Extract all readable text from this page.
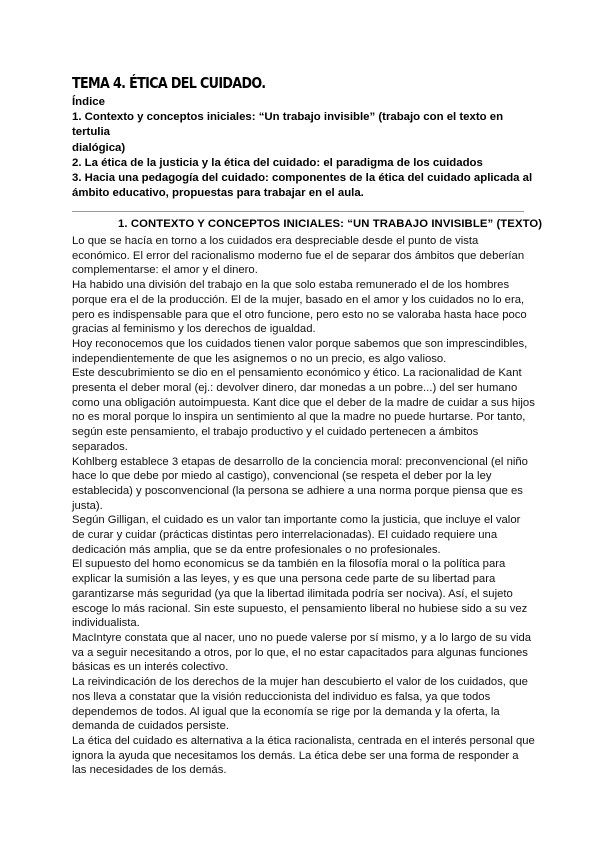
TEMA 4. ÉTICA DEL CUIDADO.
Índice
1. Contexto y conceptos iniciales: “Un trabajo invisible” (trabajo con el texto en
tertulia
dialógica)
2. La ética de la justicia y la ética del cuidado: el paradigma de los cuidados
3. Hacia una pedagogía del cuidado: componentes de la ética del cuidado aplicada al
ámbito educativo, propuestas para trabajar en el aula.
1. CONTEXTO Y CONCEPTOS INICIALES: “UN TRABAJO INVISIBLE” (TEXTO)
Lo que se hacía en torno a los cuidados era despreciable desde el punto de vista
económico. El error del racionalismo moderno fue el de separar dos ámbitos que deberían
complementarse: el amor y el dinero.
Ha habido una división del trabajo en la que solo estaba remunerado el de los hombres
porque era el de la producción. El de la mujer, basado en el amor y los cuidados no lo era,
pero es indispensable para que el otro funcione, pero esto no se valoraba hasta hace poco
gracias al feminismo y los derechos de igualdad.
Hoy reconocemos que los cuidados tienen valor porque sabemos que son imprescindibles,
independientemente de que les asignemos o no un precio, es algo valioso.
Este descubrimiento se dio en el pensamiento económico y ético. La racionalidad de Kant
presenta el deber moral (ej.: devolver dinero, dar monedas a un pobre...) del ser humano
como una obligación autoimpuesta. Kant dice que el deber de la madre de cuidar a sus hijos
no es moral porque lo inspira un sentimiento al que la madre no puede hurtarse. Por tanto,
según este pensamiento, el trabajo productivo y el cuidado pertenecen a ámbitos
separados.
Kohlberg establece 3 etapas de desarrollo de la conciencia moral: preconvencional (el niño
hace lo que debe por miedo al castigo), convencional (se respeta el deber por la ley
establecida) y posconvencional (la persona se adhiere a una norma porque piensa que es
justa).
Según Gilligan, el cuidado es un valor tan importante como la justicia, que incluye el valor
de curar y cuidar (prácticas distintas pero interrelacionadas). El cuidado requiere una
dedicación más amplia, que se da entre profesionales o no profesionales.
El supuesto del homo economicus se da también en la filosofía moral o la política para
explicar la sumisión a las leyes, y es que una persona cede parte de su libertad para
garantizarse más seguridad (ya que la libertad ilimitada podría ser nociva). Así, el sujeto
escoge lo más racional. Sin este supuesto, el pensamiento liberal no hubiese sido a su vez
individualista.
MacIntyre constata que al nacer, uno no puede valerse por sí mismo, y a lo largo de su vida
va a seguir necesitando a otros, por lo que, el no estar capacitados para algunas funciones
básicas es un interés colectivo.
La reivindicación de los derechos de la mujer han descubierto el valor de los cuidados, que
nos lleva a constatar que la visión reduccionista del individuo es falsa, ya que todos
dependemos de todos. Al igual que la economía se rige por la demanda y la oferta, la
demanda de cuidados persiste.
La ética del cuidado es alternativa a la ética racionalista, centrada en el interés personal que
ignora la ayuda que necesitamos los demás. La ética debe ser una forma de responder a
las necesidades de los demás.
